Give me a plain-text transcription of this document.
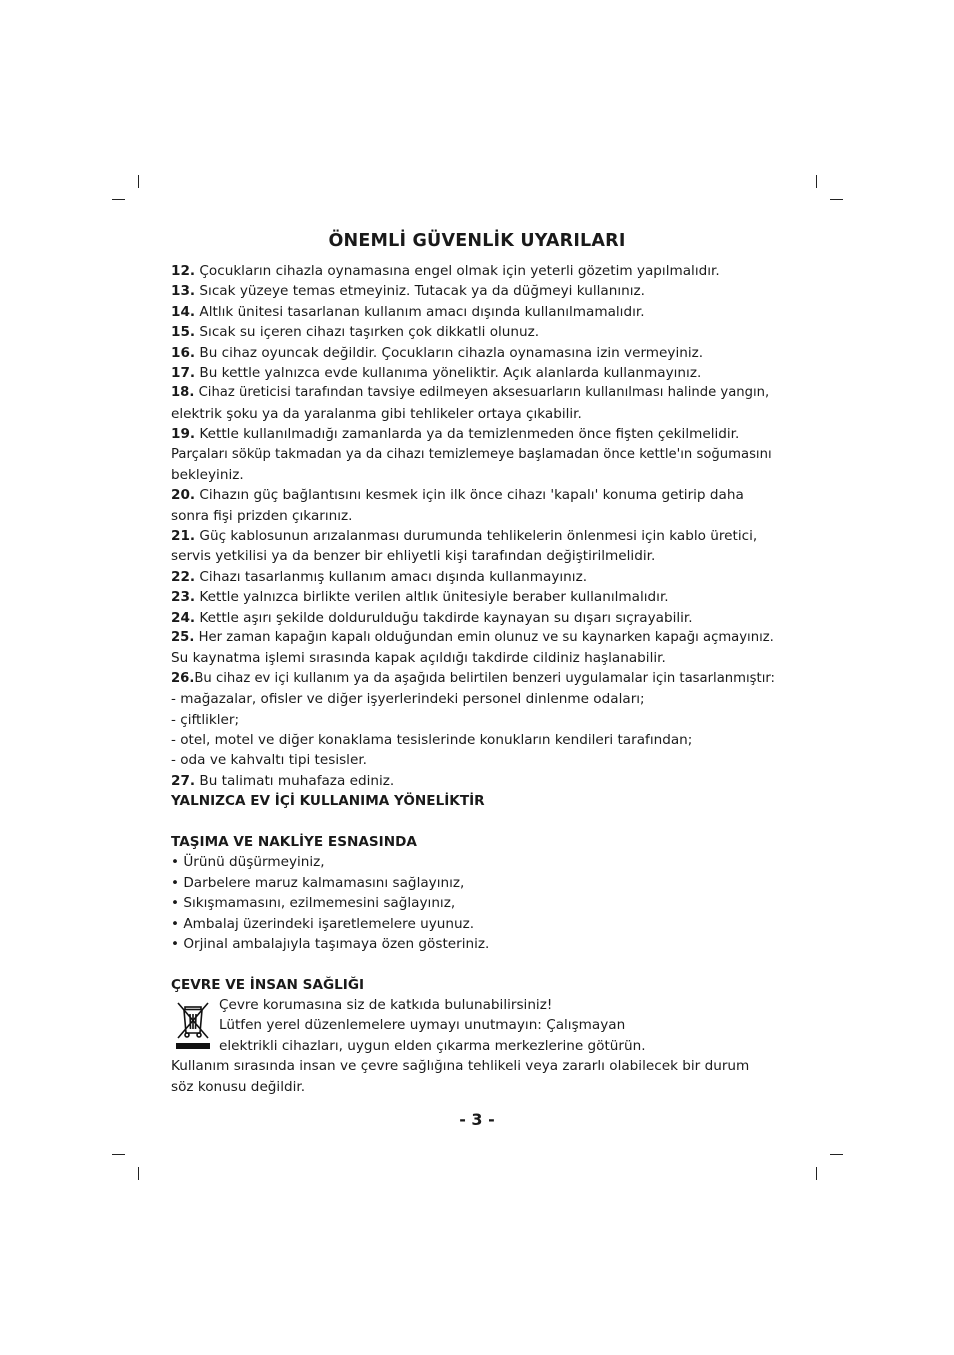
ÖNEMLİ GÜVENLİK UYARILARI
12. Çocukların cihazla oynamasına engel olmak için yeterli gözetim yapılmalıdır.
13. Sıcak yüzeye temas etmeyiniz. Tutacak ya da düğmeyi kullanınız.
14. Altlık ünitesi tasarlanan kullanım amacı dışında kullanılmamalıdır.
15. Sıcak su içeren cihazı taşırken çok dikkatli olunuz.
16. Bu cihaz oyuncak değildir. Çocukların cihazla oynamasına izin vermeyiniz.
17. Bu kettle yalnızca evde kullanıma yöneliktir. Açık alanlarda kullanmayınız.
18. Cihaz üreticisi tarafından tavsiye edilmeyen aksesuarların kullanılması halinde yangın,
elektrik şoku ya da yaralanma gibi tehlikeler ortaya çıkabilir.
19. Kettle kullanılmadığı zamanlarda ya da temizlenmeden önce fişten çekilmelidir.
Parçaları söküp takmadan ya da cihazı temizlemeye başlamadan önce kettle'ın soğumasını
bekleyiniz.
20. Cihazın güç bağlantısını kesmek için ilk önce cihazı 'kapalı' konuma getirip daha
sonra fişi prizden çıkarınız.
21. Güç kablosunun arızalanması durumunda tehlikelerin önlenmesi için kablo üretici,
servis yetkilisi ya da benzer bir ehliyetli kişi tarafından değiştirilmelidir.
22. Cihazı tasarlanmış kullanım amacı dışında kullanmayınız.
23. Kettle yalnızca birlikte verilen altlık ünitesiyle beraber kullanılmalıdır.
24. Kettle aşırı şekilde doldurulduğu takdirde kaynayan su dışarı sıçrayabilir.
25. Her zaman kapağın kapalı olduğundan emin olunuz ve su kaynarken kapağı açmayınız.
Su kaynatma işlemi sırasında kapak açıldığı takdirde cildiniz haşlanabilir.
26.Bu cihaz ev içi kullanım ya da aşağıda belirtilen benzeri uygulamalar için tasarlanmıştır:
- mağazalar, ofisler ve diğer işyerlerindeki personel dinlenme odaları;
- çiftlikler;
- otel, motel ve diğer konaklama tesislerinde konukların kendileri tarafından;
- oda ve kahvaltı tipi tesisler.
27. Bu talimatı muhafaza ediniz.
YALNIZCA EV İÇİ KULLANIMA YÖNELİKTİR
TAŞIMA VE NAKLİYE ESNASINDA
• Ürünü düşürmeyiniz,
• Darbelere maruz kalmamasını sağlayınız,
• Sıkışmamasını, ezilmemesini sağlayınız,
• Ambalaj üzerindeki işaretlemelere uyunuz.
• Orjinal ambalajıyla taşımaya özen gösteriniz.
ÇEVRE VE İNSAN SAĞLIĞI
Çevre korumasına siz de katkıda bulunabilirsiniz!
Lütfen yerel düzenlemelere uymayı unutmayın: Çalışmayan
elektrikli cihazları, uygun elden çıkarma merkezlerine götürün.
Kullanım sırasında insan ve çevre sağlığına tehlikeli veya zararlı olabilecek bir durum
söz konusu değildir.
- 3 -
